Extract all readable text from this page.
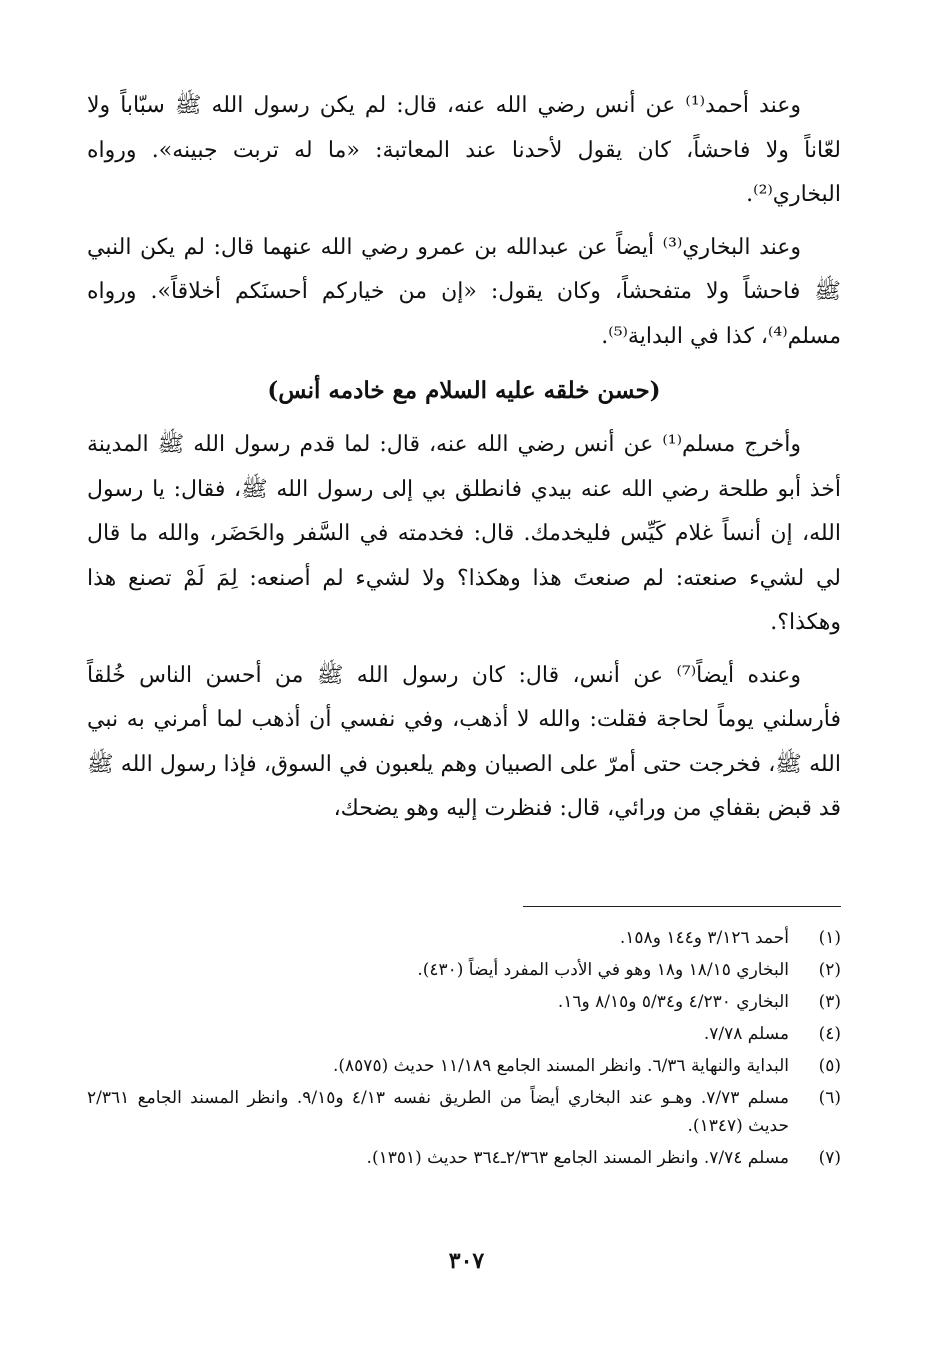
وعند أحمد⁽¹⁾ عن أنس رضي الله عنه، قال: لم يكن رسول الله ﷺ سبّاباً ولا لعّاناً ولا فاحشاً، كان يقول لأحدنا عند المعاتبة: «ما له تربت جبينه». ورواه البخاري⁽²⁾.

وعند البخاري⁽³⁾ أيضاً عن عبدالله بن عمرو رضي الله عنهما قال: لم يكن النبي ﷺ فاحشاً ولا متفحشاً، وكان يقول: «إن من خياركم أحسنَكم أخلاقاً». ورواه مسلم⁽⁴⁾، كذا في البداية⁽⁵⁾.

(حسن خلقه عليه السلام مع خادمه أنس)

وأخرج مسلم⁽¹⁾ عن أنس رضي الله عنه، قال: لما قدم رسول الله ﷺ المدينة أخذ أبو طلحة رضي الله عنه بيدي فانطلق بي إلى رسول الله ﷺ، فقال: يا رسول الله، إن أنساً غلام كَيِّس فليخدمك. قال: فخدمته في السَّفر والحَضَر، والله ما قال لي لشيء صنعته: لم صنعتَ هذا وهكذا؟ ولا لشيء لم أصنعه: لِمَ لَمْ تصنع هذا وهكذا؟.

وعنده أيضاً⁽⁷⁾ عن أنس، قال: كان رسول الله ﷺ من أحسن الناس خُلقاً فأرسلني يوماً لحاجة فقلت: والله لا أذهب، وفي نفسي أن أذهب لما أمرني به نبي الله ﷺ، فخرجت حتى أمرّ على الصبيان وهم يلعبون في السوق، فإذا رسول الله ﷺ قد قبض بقفاي من ورائي، قال: فنظرت إليه وهو يضحك،

(١)
أحمد ٣/١٢٦ و١٤٤ و١٥٨.
(٢)
البخاري ١٨/١٥ و١٨ وهو في الأدب المفرد أيضاً (٤٣٠).
(٣)
البخاري ٤/٢٣٠ و٥/٣٤ و٨/١٥ و١٦.
(٤)
مسلم ٧/٧٨.
(٥)
البداية والنهاية ٦/٣٦. وانظر المسند الجامع ١١/١٨٩ حديث (٨٥٧٥).
(٦)
مسلم ٧/٧٣. وهـو عند البخاري أيضاً من الطريق نفسه ٤/١٣ و٩/١٥. وانظر المسند الجامع ٢/٣٦١ حديث (١٣٤٧).
(٧)
مسلم ٧/٧٤. وانظر المسند الجامع ٢/٣٦٣ـ٣٦٤ حديث (١٣٥١).
٣٠٧
